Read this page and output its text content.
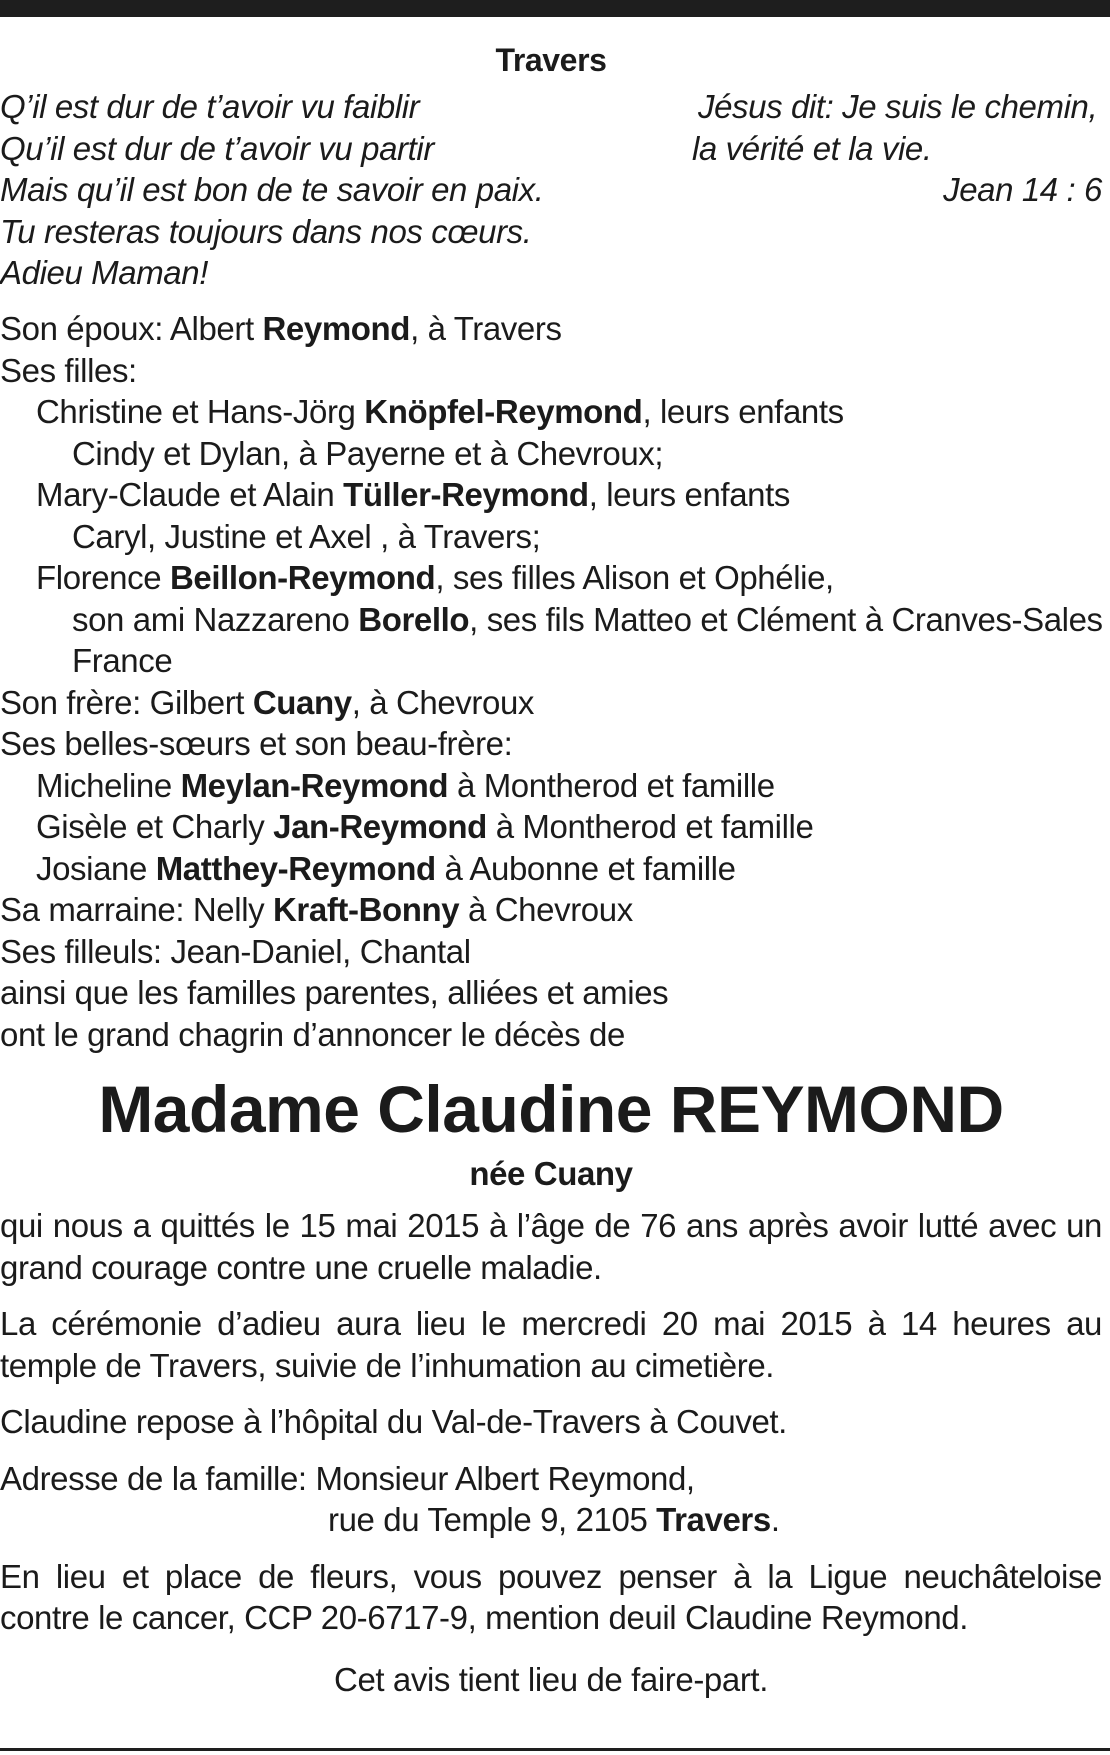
Travers
Q’il est dur de t’avoir vu faiblir
Qu’il est dur de t’avoir vu partir
Mais qu’il est bon de te savoir en paix.
Tu resteras toujours dans nos cœurs.
Adieu Maman!
Jésus dit: Je suis le chemin,
la vérité et la vie.
Jean 14 : 6
Son époux: Albert Reymond, à Travers
Ses filles:
Christine et Hans-Jörg Knöpfel-Reymond, leurs enfants
Cindy et Dylan, à Payerne et à Chevroux;
Mary-Claude et Alain Tüller-Reymond, leurs enfants
Caryl, Justine et Axel , à Travers;
Florence Beillon-Reymond, ses filles Alison et Ophélie,
son ami Nazzareno Borello, ses fils Matteo et Clément à Cranves-Sales
France
Son frère: Gilbert Cuany, à Chevroux
Ses belles-sœurs et son beau-frère:
Micheline Meylan-Reymond à Montherod et famille
Gisèle et Charly Jan-Reymond à Montherod et famille
Josiane Matthey-Reymond à Aubonne et famille
Sa marraine: Nelly Kraft-Bonny à Chevroux
Ses filleuls: Jean-Daniel, Chantal
ainsi que les familles parentes, alliées et amies
ont le grand chagrin d’annoncer le décès de
Madame Claudine REYMOND
née Cuany

qui nous a quittés le 15 mai 2015 à l’âge de 76 ans après avoir lutté avec un grand courage contre une cruelle maladie.

La cérémonie d’adieu aura lieu le mercredi 20 mai 2015 à 14 heures au temple de Travers, suivie de l’inhumation au cimetière.

Claudine repose à l’hôpital du Val-de-Travers à Couvet.

Adresse de la famille: Monsieur Albert Reymond,
rue du Temple 9, 2105 Travers.

En lieu et place de fleurs, vous pouvez penser à la Ligue neuchâteloise contre le cancer, CCP 20-6717-9, mention deuil Claudine Reymond.

Cet avis tient lieu de faire-part.
